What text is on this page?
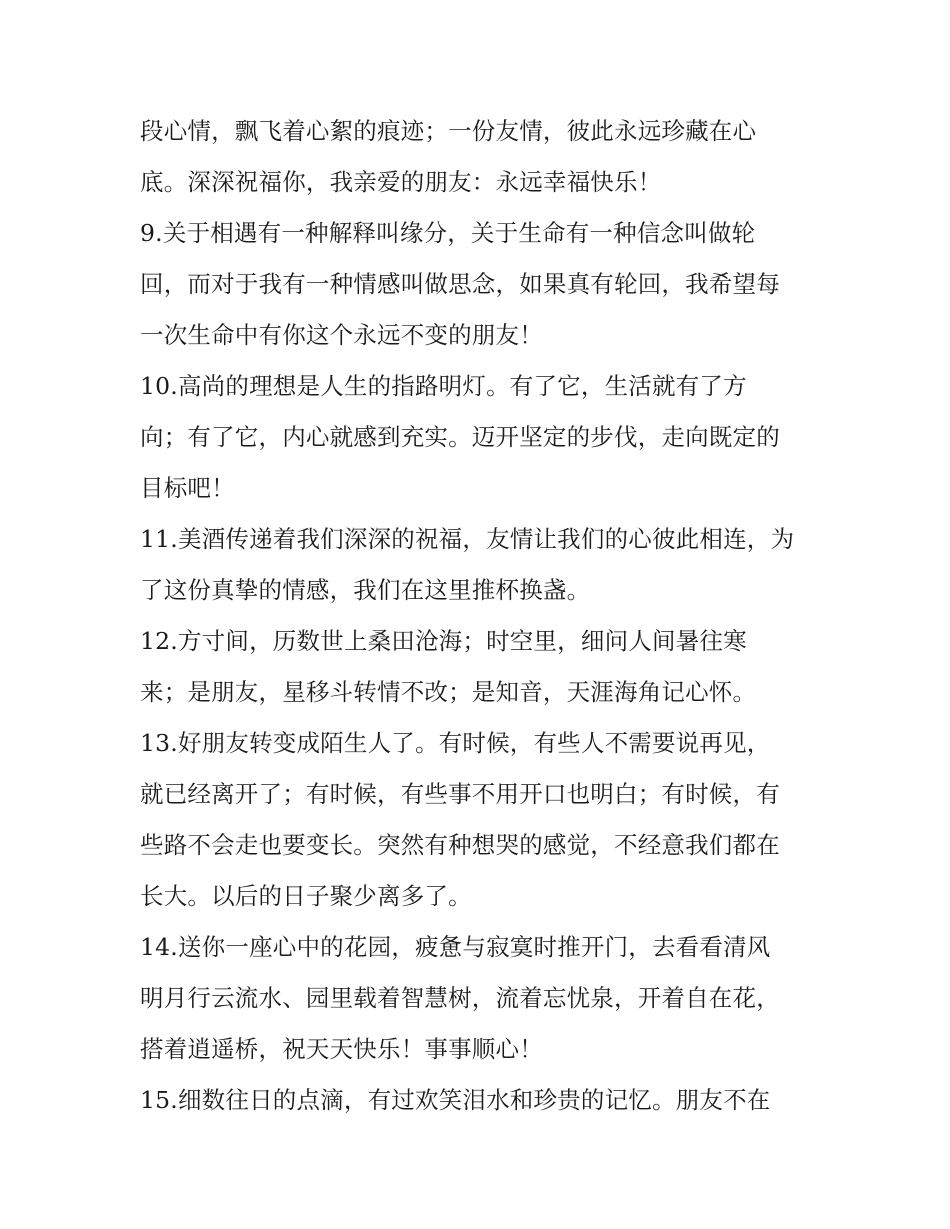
段心情，飘飞着心絮的痕迹；一份友情，彼此永远珍藏在心
底。深深祝福你，我亲爱的朋友：永远幸福快乐！
9.关于相遇有一种解释叫缘分，关于生命有一种信念叫做轮
回，而对于我有一种情感叫做思念，如果真有轮回，我希望每
一次生命中有你这个永远不变的朋友！
10.高尚的理想是人生的指路明灯。有了它，生活就有了方
向；有了它，内心就感到充实。迈开坚定的步伐，走向既定的
目标吧！
11.美酒传递着我们深深的祝福，友情让我们的心彼此相连，为
了这份真挚的情感，我们在这里推杯换盏。
12.方寸间，历数世上桑田沧海；时空里，细问人间暑往寒
来；是朋友，星移斗转情不改；是知音，天涯海角记心怀。
13.好朋友转变成陌生人了。有时候，有些人不需要说再见，
就已经离开了；有时候，有些事不用开口也明白；有时候，有
些路不会走也要变长。突然有种想哭的感觉，不经意我们都在
长大。以后的日子聚少离多了。
14.送你一座心中的花园，疲惫与寂寞时推开门，去看看清风
明月行云流水、园里载着智慧树，流着忘忧泉，开着自在花，
搭着逍遥桥，祝天天快乐！事事顺心！
15.细数往日的点滴，有过欢笑泪水和珍贵的记忆。朋友不在
